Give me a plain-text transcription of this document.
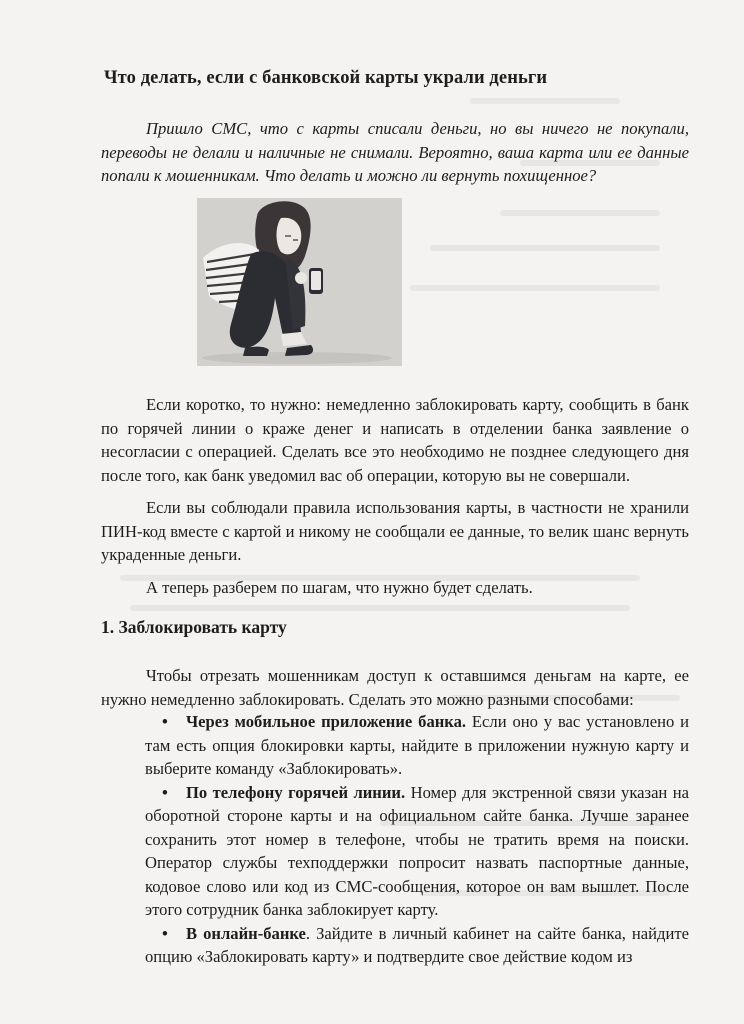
Что делать, если с банковской карты украли деньги

Пришло СМС, что с карты списали деньги, но вы ничего не покупали, переводы не делали и наличные не снимали. Вероятно, ваша карта или ее данные попали к мошенникам. Что делать и можно ли вернуть похищенное?

Если коротко, то нужно: немедленно заблокировать карту, сообщить в банк по горячей линии о краже денег и написать в отделении банка заявление о несогласии с операцией. Сделать все это необходимо не позднее следующего дня после того, как банк уведомил вас об операции, которую вы не совершали.

Если вы соблюдали правила использования карты, в частности не хранили ПИН-код вместе с картой и никому не сообщали ее данные, то велик шанс вернуть украденные деньги.

А теперь разберем по шагам, что нужно будет сделать.

1. Заблокировать карту

Чтобы отрезать мошенникам доступ к оставшимся деньгам на карте, ее нужно немедленно заблокировать. Сделать это можно разными способами:

• Через мобильное приложение банка. Если оно у вас установлено и там есть опция блокировки карты, найдите в приложении нужную карту и выберите команду «Заблокировать».
• По телефону горячей линии. Номер для экстренной связи указан на оборотной стороне карты и на официальном сайте банка. Лучше заранее сохранить этот номер в телефоне, чтобы не тратить время на поиски. Оператор службы техподдержки попросит назвать паспортные данные, кодовое слово или код из СМС-сообщения, которое он вам вышлет. После этого сотрудник банка заблокирует карту.
• В онлайн-банке. Зайдите в личный кабинет на сайте банка, найдите опцию «Заблокировать карту» и подтвердите свое действие кодом из
